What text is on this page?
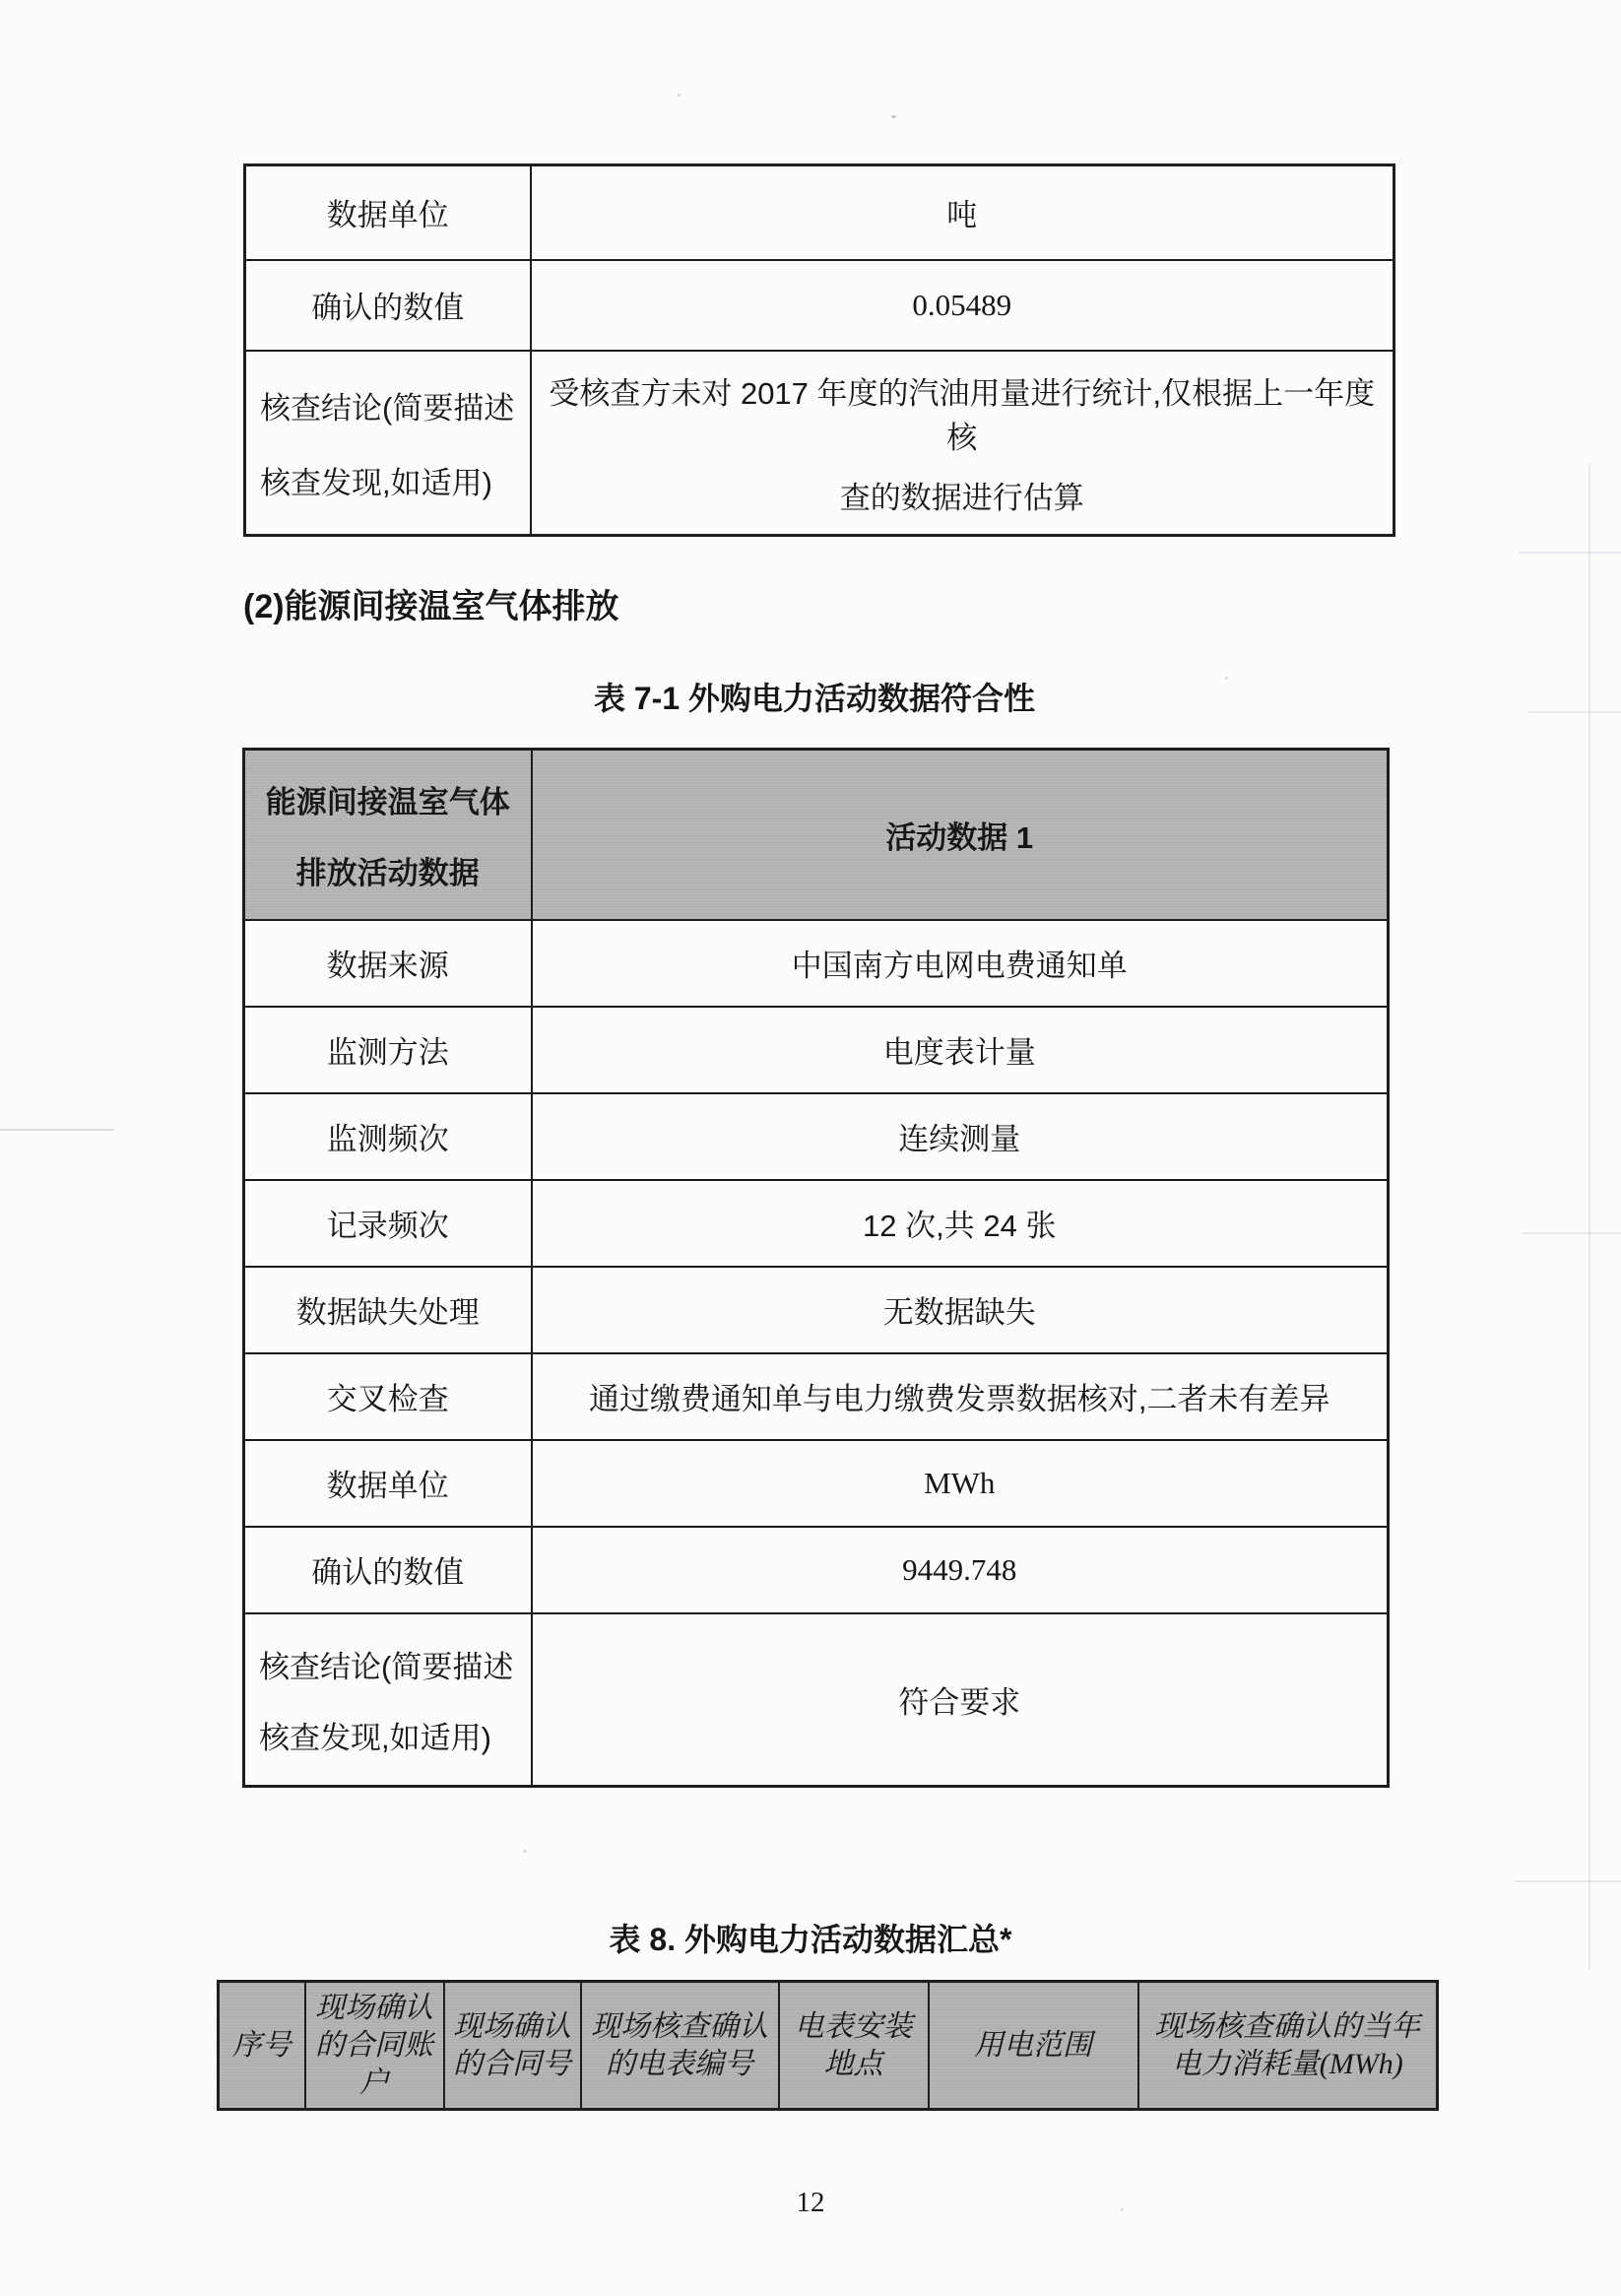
数据单位	吨
确认的数值	0.05489

核查结论(简要描述
核查发现,如适用)	受核查方未对 2017 年度的汽油用量进行统计,仅根据上一年度核
查的数据进行估算
(2)能源间接温室气体排放
表 7-1 外购电力活动数据符合性
能源间接温室气体
排放活动数据	活动数据 1
数据来源	中国南方电网电费通知单
监测方法	电度表计量
监测频次	连续测量
记录频次	12 次,共 24 张
数据缺失处理	无数据缺失
交叉检查	通过缴费通知单与电力缴费发票数据核对,二者未有差异
数据单位	MWh
确认的数值	9449.748

核查结论(简要描述
核查发现,如适用)	符合要求
表 8. 外购电力活动数据汇总*
序号	现场确认的合同账户	现场确认的合同号	现场核查确认的电表编号	电表安装地点	用电范围	现场核查确认的当年电力消耗量(MWh)
12
